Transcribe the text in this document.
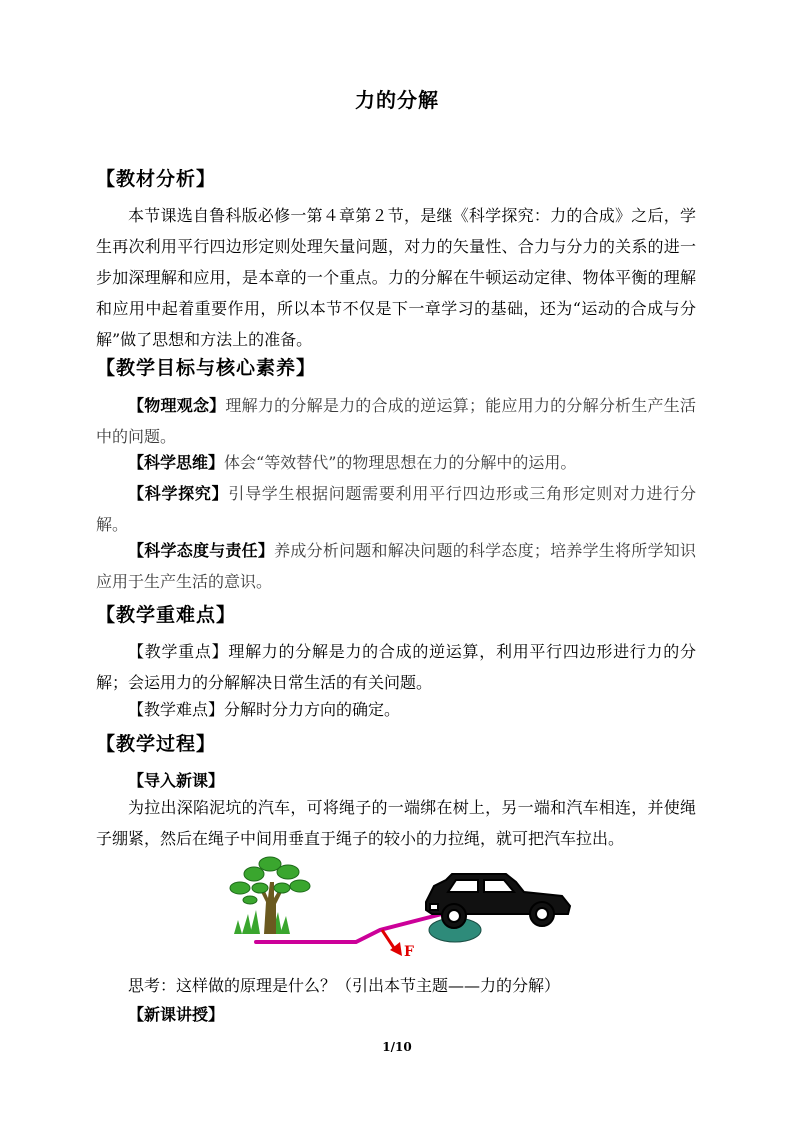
力的分解
【教材分析】
本节课选自鲁科版必修一第４章第２节，是继《科学探究：力的合成》之后，学生再次利用平行四边形定则处理矢量问题，对力的矢量性、合力与分力的关系的进一步加深理解和应用，是本章的一个重点。力的分解在牛顿运动定律、物体平衡的理解和应用中起着重要作用，所以本节不仅是下一章学习的基础，还为“运动的合成与分解”做了思想和方法上的准备。
【教学目标与核心素养】
【物理观念】理解力的分解是力的合成的逆运算；能应用力的分解分析生产生活中的问题。
【科学思维】体会“等效替代”的物理思想在力的分解中的运用。
【科学探究】引导学生根据问题需要利用平行四边形或三角形定则对力进行分解。
【科学态度与责任】养成分析问题和解决问题的科学态度；培养学生将所学知识应用于生产生活的意识。
【教学重难点】
【教学重点】理解力的分解是力的合成的逆运算，利用平行四边形进行力的分解；会运用力的分解解决日常生活的有关问题。
【教学难点】分解时分力方向的确定。
【教学过程】
【导入新课】
为拉出深陷泥坑的汽车，可将绳子的一端绑在树上，另一端和汽车相连，并使绳子绷紧，然后在绳子中间用垂直于绳子的较小的力拉绳，就可把汽车拉出。
F
思考：这样做的原理是什么？（引出本节主题——力的分解）
【新课讲授】
1/10
